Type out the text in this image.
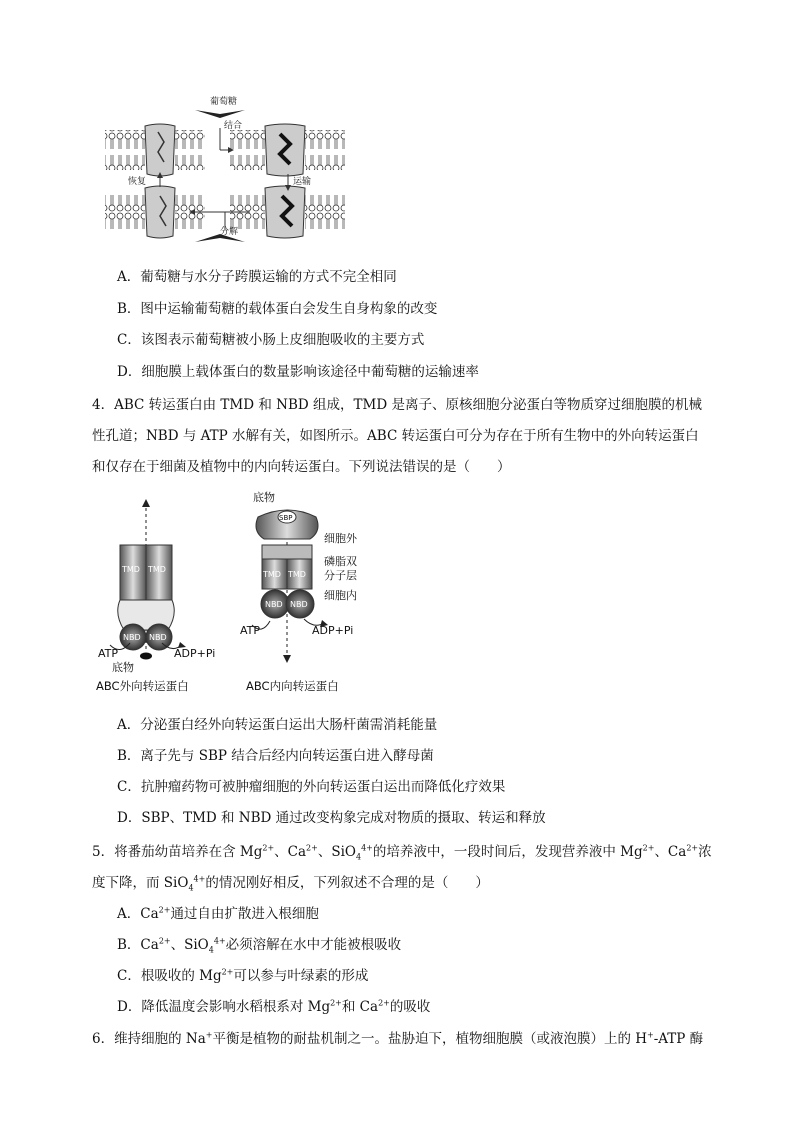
葡萄糖
结合
恢复	运输
分解
A．葡萄糖与水分子跨膜运输的方式不完全相同
B．图中运输葡萄糖的载体蛋白会发生自身构象的改变
C．该图表示葡萄糖被小肠上皮细胞吸收的主要方式
D．细胞膜上载体蛋白的数量影响该途径中葡萄糖的运输速率
4．ABC 转运蛋白由 TMD 和 NBD 组成，TMD 是离子、原核细胞分泌蛋白等物质穿过细胞膜的机械
性孔道；NBD 与 ATP 水解有关，如图所示。ABC 转运蛋白可分为存在于所有生物中的外向转运蛋白
和仅存在于细菌及植物中的内向转运蛋白。下列说法错误的是（　　）
TMD TMD
NBD NBD
ATP	ADP+Pi
底物
ABC外向转运蛋白
底物
SBP
TMD TMD
NBD NBD
ATP	ADP+Pi
细胞外
磷脂双
分子层
细胞内
ABC内向转运蛋白
A．分泌蛋白经外向转运蛋白运出大肠杆菌需消耗能量
B．离子先与 SBP 结合后经内向转运蛋白进入酵母菌
C．抗肿瘤药物可被肿瘤细胞的外向转运蛋白运出而降低化疗效果
D．SBP、TMD 和 NBD 通过改变构象完成对物质的摄取、转运和释放
5．将番茄幼苗培养在含 $Mg^{2+}$、$Ca^{2+}$、SiO$_4^{4+}$的培养液中，一段时间后，发现营养液中 $Mg^{2+}$、$Ca^{2+}$浓
度下降，而 SiO$_4^{4+}$的情况刚好相反，下列叙述不合理的是（　　）
A．$Ca^{2+}$通过自由扩散进入根细胞
B．$Ca^{2+}$、SiO$_4^{4+}$必须溶解在水中才能被根吸收
C．根吸收的 $Mg^{2+}$可以参与叶绿素的形成
D．降低温度会影响水稻根系对 $Mg^{2+}$和 $Ca^{2+}$的吸收
6．维持细胞的 Na+平衡是植物的耐盐机制之一。盐胁迫下，植物细胞膜（或液泡膜）上的 H+-ATP 酶
